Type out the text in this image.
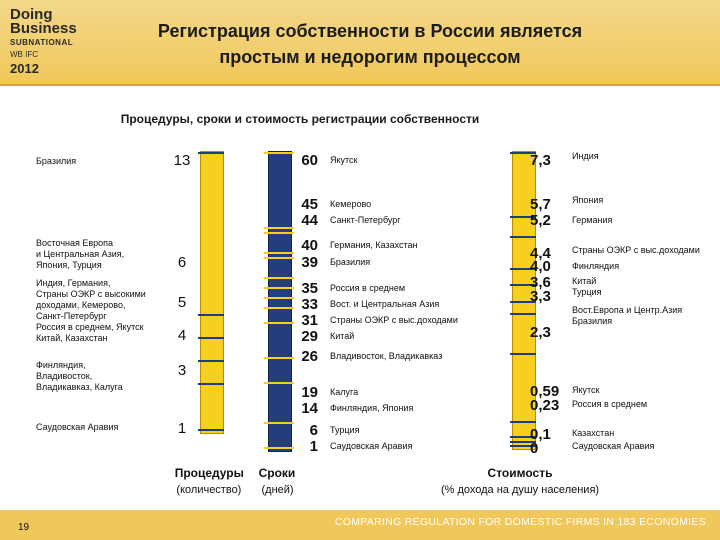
Doing
Business
SUBNATIONAL
WB IFC
2012
Регистрация собственности в России является
простым и недорогим процессом
Процедуры, сроки и стоимость регистрации собственности
13
Бразилия
6
Восточная Европа
и Центральная Азия,
Япония, Турция
5
Индия, Германия,
Страны ОЭКР с высокими
доходами, Кемерово,
Санкт-Петербург
4
Россия в среднем, Якутск
Китай, Казахстан
3
Финляндия,
Владивосток,
Владикавказ, Калуга
1
Саудовская Аравия
60 Якутск
45 Кемерово
44 Санкт-Петербург
40 Германия, Казахстан
39 Бразилия
35 Россия в среднем
33 Вост. и Центральная Азия
31 Страны ОЭКР с выс.доходами
29 Китай
26 Владивосток, Владикавказ
19 Калуга
14 Финляндия, Япония
6 Турция
1 Саудовская Аравия
7,3	Индия
5,7	Япония
5,2	Германия
4,4	Страны ОЭКР с выс.доходами
4,0	Финляндия
3,6	Китай
3,3	Турция
2,3
Вост.Европа и Центр.Азия
Бразилия
0,59	Якутск
0,23	Россия в среднем
0,1	Казахстан
0	Саудовская Аравия
Процедуры Сроки
(количество) (дней)
Стоимость
(% дохода на душу населения)
COMPARING REGULATION FOR DOMESTIC FIRMS IN 183 ECONOMIES
19
